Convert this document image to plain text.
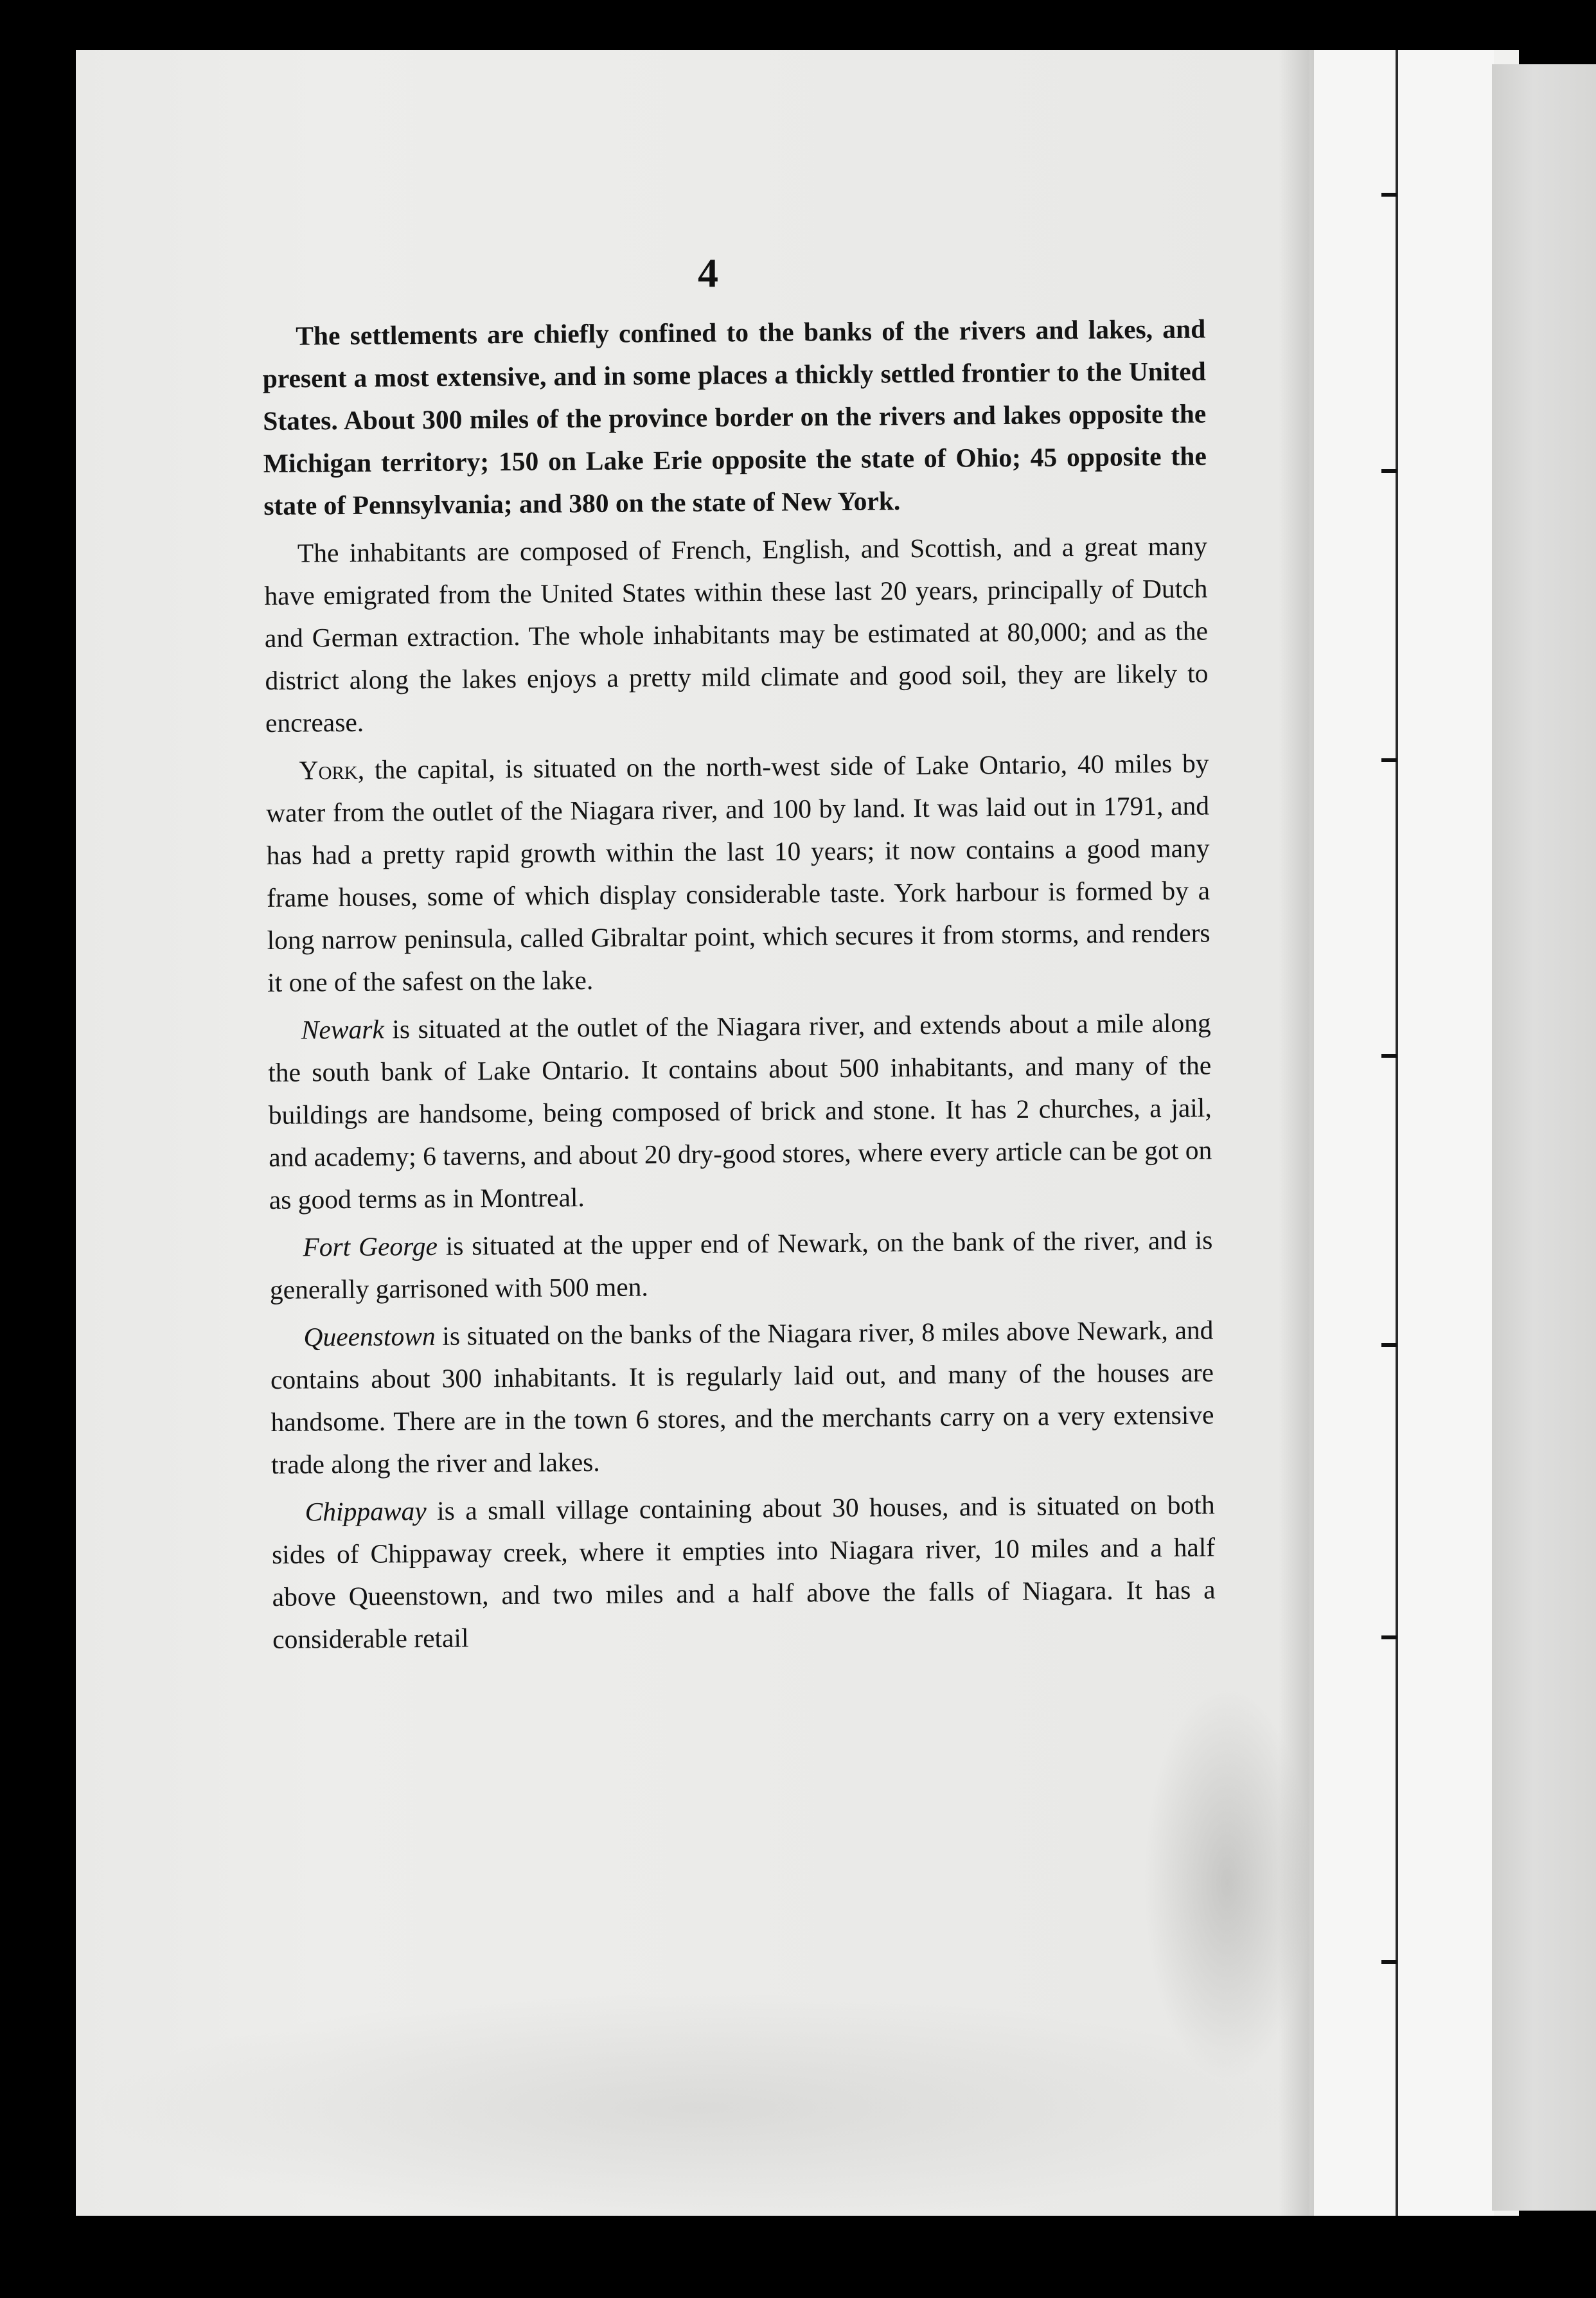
4

The settlements are chiefly confined to the banks of the rivers and lakes, and present a most extensive, and in some places a thickly settled frontier to the United States. About 300 miles of the province border on the rivers and lakes opposite the Michigan territory; 150 on Lake Erie opposite the state of Ohio; 45 opposite the state of Pennsylvania; and 380 on the state of New York.

The inhabitants are composed of French, English, and Scottish, and a great many have emigrated from the United States within these last 20 years, principally of Dutch and German extraction. The whole inhabitants may be estimated at 80,000; and as the district along the lakes enjoys a pretty mild climate and good soil, they are likely to encrease.

York, the capital, is situated on the north-west side of Lake Ontario, 40 miles by water from the outlet of the Niagara river, and 100 by land. It was laid out in 1791, and has had a pretty rapid growth within the last 10 years; it now contains a good many frame houses, some of which display considerable taste. York harbour is formed by a long narrow peninsula, called Gibraltar point, which secures it from storms, and renders it one of the safest on the lake.

Newark is situated at the outlet of the Niagara river, and extends about a mile along the south bank of Lake Ontario. It contains about 500 inhabitants, and many of the buildings are handsome, being composed of brick and stone. It has 2 churches, a jail, and academy; 6 taverns, and about 20 dry-good stores, where every article can be got on as good terms as in Montreal.

Fort George is situated at the upper end of Newark, on the bank of the river, and is generally garrisoned with 500 men.

Queenstown is situated on the banks of the Niagara river, 8 miles above Newark, and contains about 300 inhabitants. It is regularly laid out, and many of the houses are handsome. There are in the town 6 stores, and the merchants carry on a very extensive trade along the river and lakes.

Chippaway is a small village containing about 30 houses, and is situated on both sides of Chippaway creek, where it empties into Niagara river, 10 miles and a half above Queenstown, and two miles and a half above the falls of Niagara. It has a considerable retail
